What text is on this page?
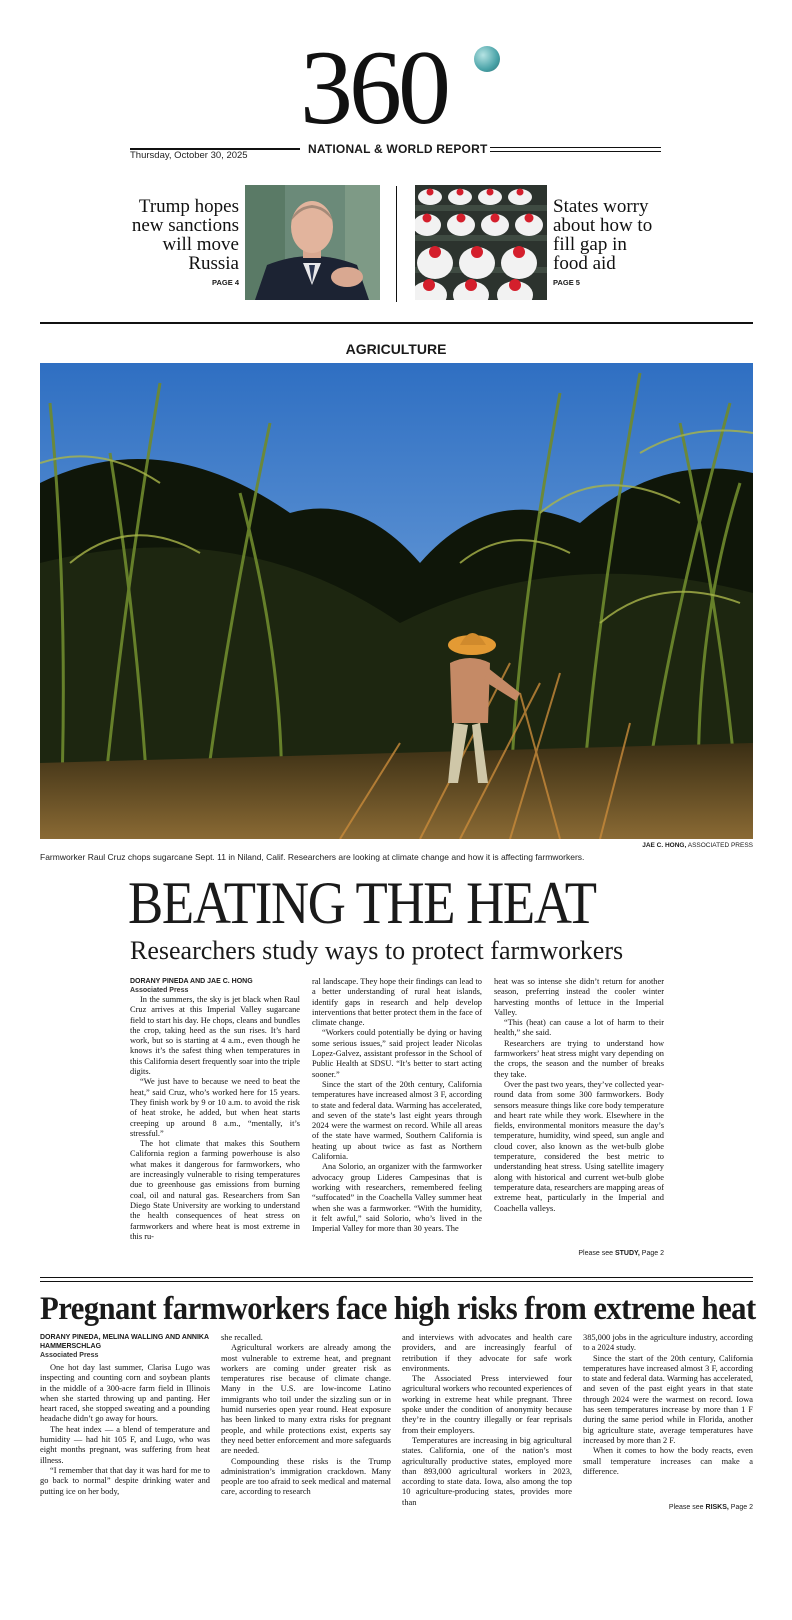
360
Thursday, October 30, 2025	NATIONAL & WORLD REPORT
Trump hopes new sanctions will move Russia
PAGE 4
States worry about how to fill gap in food aid
PAGE 5
AGRICULTURE
JAE C. HONG, ASSOCIATED PRESS
Farmworker Raul Cruz chops sugarcane Sept. 11 in Niland, Calif. Researchers are looking at climate change and how it is affecting farmworkers.
BEATING THE HEAT
Researchers study ways to protect farmworkers
DORANY PINEDA AND JAE C. HONG
Associated Press

In the summers, the sky is jet black when Raul Cruz arrives at this Imperial Valley sugarcane field to start his day. He chops, cleans and bundles the crop, taking heed as the sun rises. It’s hard work, but so is starting at 4 a.m., even though he knows it’s the safest thing when temperatures in this California desert frequently soar into the triple digits.

“We just have to because we need to beat the heat,” said Cruz, who’s worked here for 15 years. They finish work by 9 or 10 a.m. to avoid the risk of heat stroke, he added, but when heat starts creeping up around 8 a.m., “mentally, it’s stressful.”

The hot climate that makes this Southern California region a farming powerhouse is also what makes it dangerous for farmworkers, who are increasingly vulnerable to rising temperatures due to greenhouse gas emissions from burning coal, oil and natural gas. Researchers from San Diego State University are working to understand the health consequences of heat stress on farmworkers and where heat is most extreme in this ru-

ral landscape. They hope their findings can lead to a better understanding of rural heat islands, identify gaps in research and help develop interventions that better protect them in the face of climate change.

“Workers could potentially be dying or having some serious issues,” said project leader Nicolas Lopez-Galvez, assistant professor in the School of Public Health at SDSU. “It’s better to start acting sooner.”

Since the start of the 20th century, California temperatures have increased almost 3 F, according to state and federal data. Warming has accelerated, and seven of the state’s last eight years through 2024 were the warmest on record. While all areas of the state have warmed, Southern California is heating up about twice as fast as Northern California.

Ana Solorio, an organizer with the farmworker advocacy group Lideres Campesinas that is working with researchers, remembered feeling “suffocated” in the Coachella Valley summer heat when she was a farmworker. “With the humidity, it felt awful,” said Solorio, who’s lived in the Imperial Valley for more than 30 years. The

heat was so intense she didn’t return for another season, preferring instead the cooler winter harvesting months of lettuce in the Imperial Valley.

“This (heat) can cause a lot of harm to their health,” she said.

Researchers are trying to understand how farmworkers’ heat stress might vary depending on the crops, the season and the number of breaks they take.

Over the past two years, they’ve collected year-round data from some 300 farmworkers. Body sensors measure things like core body temperature and heart rate while they work. Elsewhere in the fields, environmental monitors measure the day’s temperature, humidity, wind speed, sun angle and cloud cover, also known as the wet-bulb globe temperature, considered the best metric to understanding heat stress. Using satellite imagery along with historical and current wet-bulb globe temperature data, researchers are mapping areas of extreme heat, particularly in the Imperial and Coachella valleys.

Please see STUDY, Page 2
Pregnant farmworkers face high risks from extreme heat
DORANY PINEDA, MELINA WALLING AND ANNIKA HAMMERSCHLAG
Associated Press

One hot day last summer, Clarisa Lugo was inspecting and counting corn and soybean plants in the middle of a 300-acre farm field in Illinois when she started throwing up and panting. Her heart raced, she stopped sweating and a pounding headache didn’t go away for hours.

The heat index — a blend of temperature and humidity — had hit 105 F, and Lugo, who was eight months pregnant, was suffering from heat illness.

“I remember that that day it was hard for me to go back to normal” despite drinking water and putting ice on her body,

she recalled.

Agricultural workers are already among the most vulnerable to extreme heat, and pregnant workers are coming under greater risk as temperatures rise because of climate change. Many in the U.S. are low-income Latino immigrants who toil under the sizzling sun or in humid nurseries open year round. Heat exposure has been linked to many extra risks for pregnant people, and while protections exist, experts say they need better enforcement and more safeguards are needed.

Compounding these risks is the Trump administration’s immigration crackdown. Many people are too afraid to seek medical and maternal care, according to research

and interviews with advocates and health care providers, and are increasingly fearful of retribution if they advocate for safe work environments.

The Associated Press interviewed four agricultural workers who recounted experiences of working in extreme heat while pregnant. Three spoke under the condition of anonymity because they’re in the country illegally or fear reprisals from their employers.

Temperatures are increasing in big agricultural states. California, one of the nation’s most agriculturally productive states, employed more than 893,000 agricultural workers in 2023, according to state data. Iowa, also among the top 10 agriculture-producing states, provides more than

385,000 jobs in the agriculture industry, according to a 2024 study.

Since the start of the 20th century, California temperatures have increased almost 3 F, according to state and federal data. Warming has accelerated, and seven of the past eight years in that state through 2024 were the warmest on record. Iowa has seen temperatures increase by more than 1 F during the same period while in Florida, another big agriculture state, average temperatures have increased by more than 2 F.

When it comes to how the body reacts, even small temperature increases can make a difference.

Please see RISKS, Page 2
